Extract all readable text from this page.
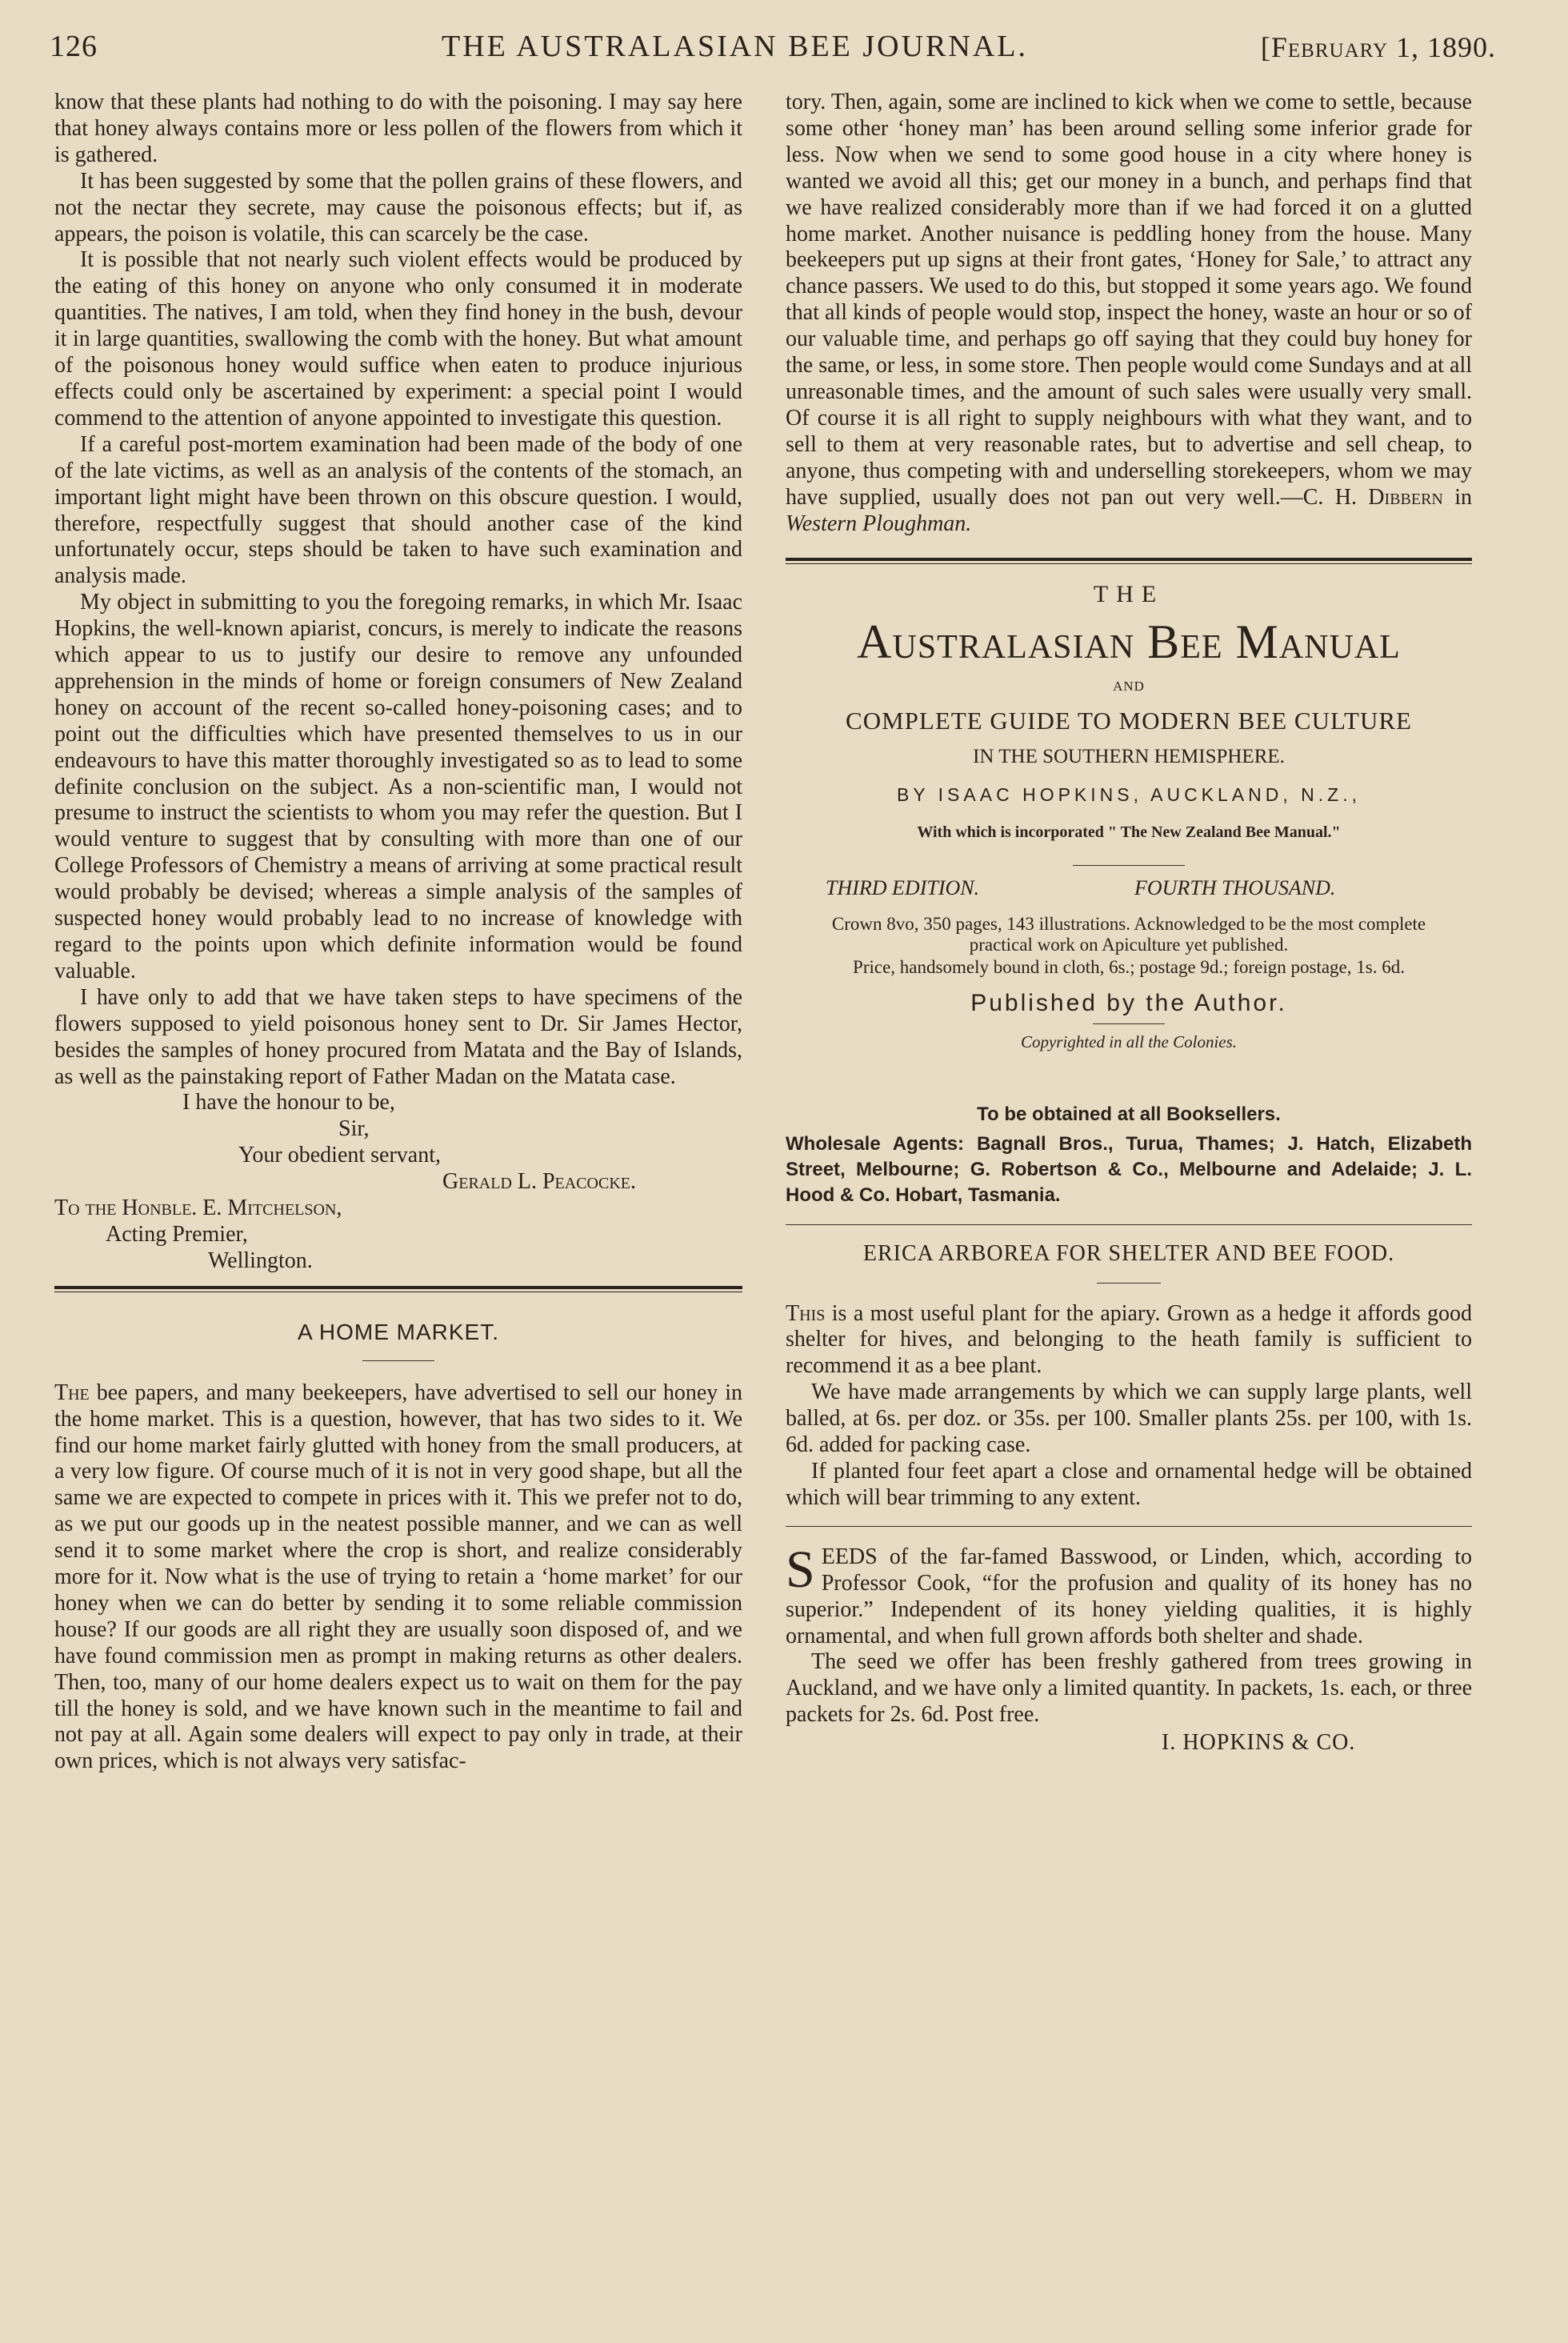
126	THE AUSTRALASIAN BEE JOURNAL.	[February 1, 1890.

know that these plants had nothing to do with the poisoning. I may say here that honey always contains more or less pollen of the flowers from which it is gathered.

It has been suggested by some that the pollen grains of these flowers, and not the nectar they secrete, may cause the poisonous effects; but if, as appears, the poison is volatile, this can scarcely be the case.

It is possible that not nearly such violent effects would be produced by the eating of this honey on anyone who only consumed it in moderate quantities. The natives, I am told, when they find honey in the bush, devour it in large quantities, swallowing the comb with the honey. But what amount of the poisonous honey would suffice when eaten to produce injurious effects could only be ascertained by experiment: a special point I would commend to the attention of anyone appointed to investigate this question.

If a careful post-mortem examination had been made of the body of one of the late victims, as well as an analysis of the contents of the stomach, an important light might have been thrown on this obscure question. I would, therefore, respectfully suggest that should another case of the kind unfortunately occur, steps should be taken to have such examination and analysis made.

My object in submitting to you the foregoing remarks, in which Mr. Isaac Hopkins, the well-known apiarist, concurs, is merely to indicate the reasons which appear to us to justify our desire to remove any unfounded apprehension in the minds of home or foreign consumers of New Zealand honey on account of the recent so-called honey-poisoning cases; and to point out the difficulties which have presented themselves to us in our endeavours to have this matter thoroughly investigated so as to lead to some definite conclusion on the subject. As a non-scientific man, I would not presume to instruct the scientists to whom you may refer the question. But I would venture to suggest that by consulting with more than one of our College Professors of Chemistry a means of arriving at some practical result would probably be devised; whereas a simple analysis of the samples of suspected honey would probably lead to no increase of knowledge with regard to the points upon which definite information would be found valuable.

I have only to add that we have taken steps to have specimens of the flowers supposed to yield poisonous honey sent to Dr. Sir James Hector, besides the samples of honey procured from Matata and the Bay of Islands, as well as the painstaking report of Father Madan on the Matata case.

I have the honour to be,
Sir,
Your obedient servant,
Gerald L. Peacocke.
To the Honble. E. Mitchelson,
Acting Premier,
Wellington.
A HOME MARKET.

The bee papers, and many beekeepers, have advertised to sell our honey in the home market. This is a question, however, that has two sides to it. We find our home market fairly glutted with honey from the small producers, at a very low figure. Of course much of it is not in very good shape, but all the same we are expected to compete in prices with it. This we prefer not to do, as we put our goods up in the neatest possible manner, and we can as well send it to some market where the crop is short, and realize considerably more for it. Now what is the use of trying to retain a ‘home market’ for our honey when we can do better by sending it to some reliable commission house? If our goods are all right they are usually soon disposed of, and we have found commission men as prompt in making returns as other dealers. Then, too, many of our home dealers expect us to wait on them for the pay till the honey is sold, and we have known such in the meantime to fail and not pay at all. Again some dealers will expect to pay only in trade, at their own prices, which is not always very satisfac-

tory. Then, again, some are inclined to kick when we come to settle, because some other ‘honey man’ has been around selling some inferior grade for less. Now when we send to some good house in a city where honey is wanted we avoid all this; get our money in a bunch, and perhaps find that we have realized considerably more than if we had forced it on a glutted home market. Another nuisance is peddling honey from the house. Many beekeepers put up signs at their front gates, ‘Honey for Sale,’ to attract any chance passers. We used to do this, but stopped it some years ago. We found that all kinds of people would stop, inspect the honey, waste an hour or so of our valuable time, and perhaps go off saying that they could buy honey for the same, or less, in some store. Then people would come Sundays and at all unreasonable times, and the amount of such sales were usually very small. Of course it is all right to supply neighbours with what they want, and to sell to them at very reasonable rates, but to advertise and sell cheap, to anyone, thus competing with and underselling storekeepers, whom we may have supplied, usually does not pan out very well.—C. H. Dibbern in Western Ploughman.

THE
Australasian Bee Manual
AND
COMPLETE GUIDE TO MODERN BEE CULTURE
IN THE SOUTHERN HEMISPHERE.
BY ISAAC HOPKINS, AUCKLAND, N.Z.,
With which is incorporated " The New Zealand Bee Manual."
THIRD EDITION.	FOURTH THOUSAND.
Crown 8vo, 350 pages, 143 illustrations. Acknowledged to be the most complete practical work on Apiculture yet published.
Price, handsomely bound in cloth, 6s.; postage 9d.; foreign postage, 1s. 6d.
Published by the Author.
Copyrighted in all the Colonies.
To be obtained at all Booksellers.
Wholesale Agents: Bagnall Bros., Turua, Thames; J. Hatch, Elizabeth Street, Melbourne; G. Robertson & Co., Melbourne and Adelaide; J. L. Hood & Co. Hobart, Tasmania.
ERICA ARBOREA FOR SHELTER AND BEE FOOD.

This is a most useful plant for the apiary. Grown as a hedge it affords good shelter for hives, and belonging to the heath family is sufficient to recommend it as a bee plant.

We have made arrangements by which we can supply large plants, well balled, at 6s. per doz. or 35s. per 100. Smaller plants 25s. per 100, with 1s. 6d. added for packing case.

If planted four feet apart a close and ornamental hedge will be obtained which will bear trimming to any extent.

SEEDS of the far-famed Basswood, or Linden, which, according to Professor Cook, “for the profusion and quality of its honey has no superior.” Independent of its honey yielding qualities, it is highly ornamental, and when full grown affords both shelter and shade.

The seed we offer has been freshly gathered from trees growing in Auckland, and we have only a limited quantity. In packets, 1s. each, or three packets for 2s. 6d. Post free.

I. HOPKINS & CO.
